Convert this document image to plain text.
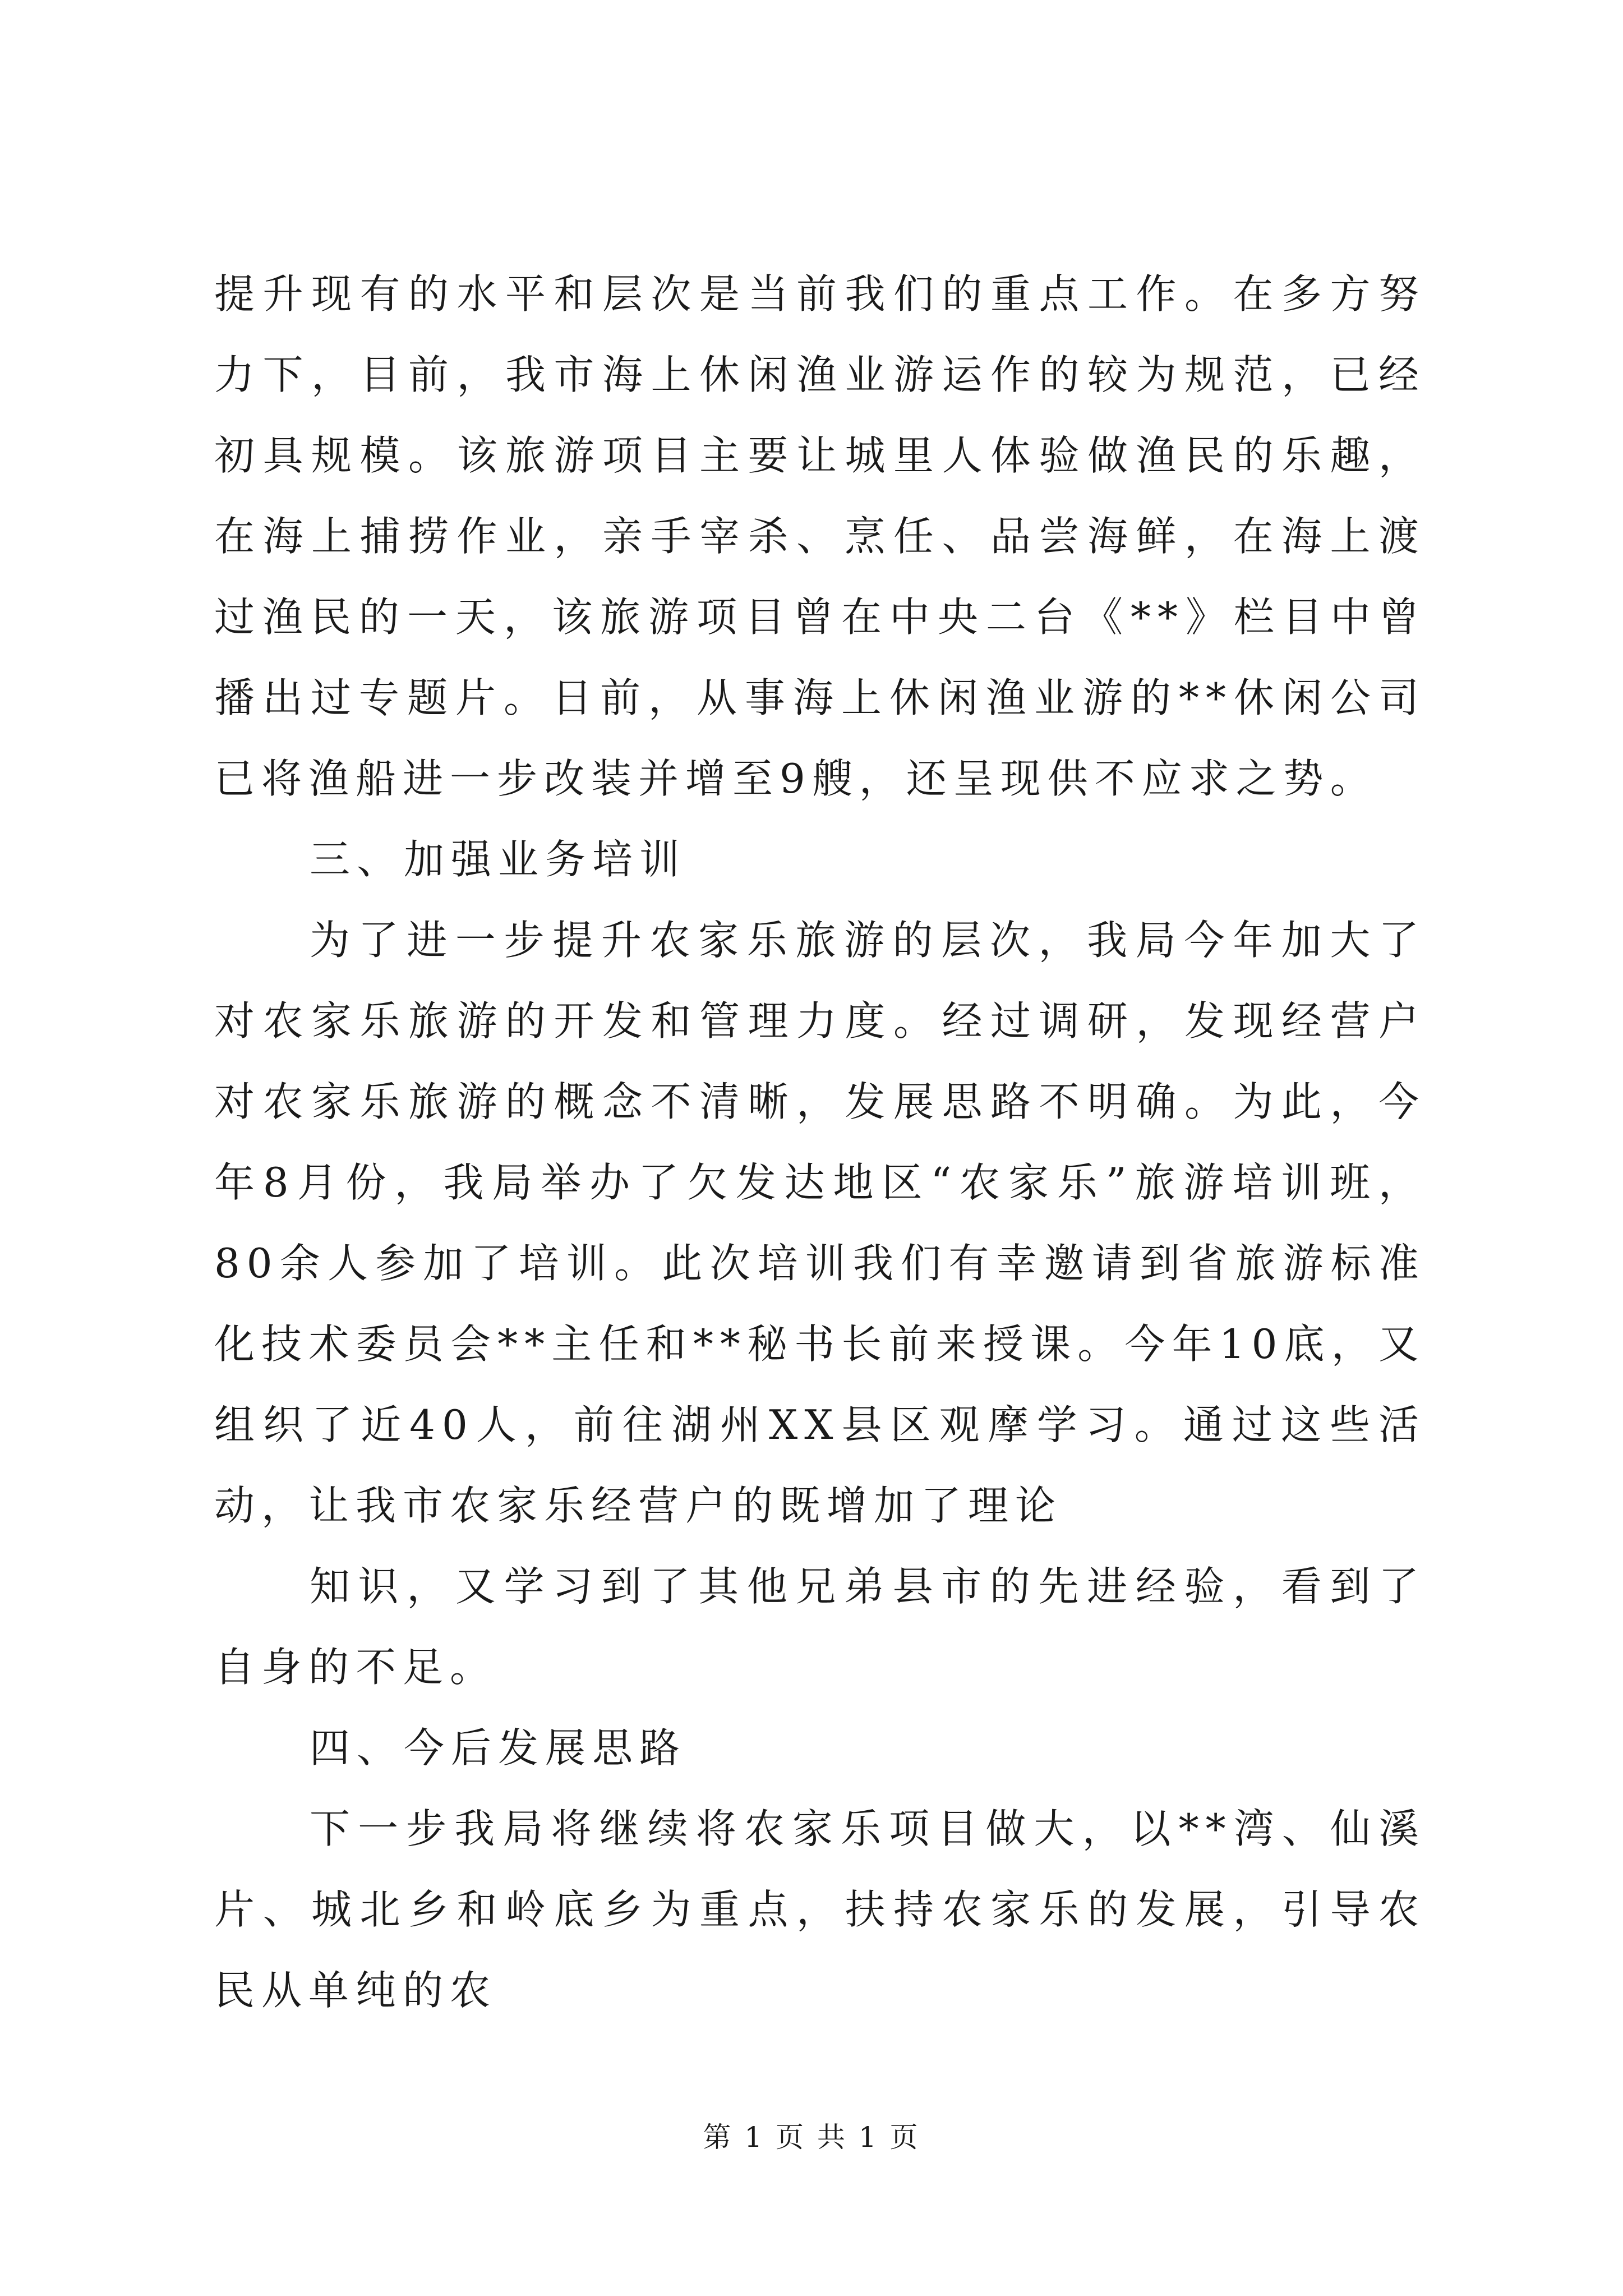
提升现有的水平和层次是当前我们的重点工作。在多方努力下，目前，我市海上休闲渔业游运作的较为规范，已经初具规模。该旅游项目主要让城里人体验做渔民的乐趣，在海上捕捞作业，亲手宰杀、烹任、品尝海鲜，在海上渡过渔民的一天，该旅游项目曾在中央二台《**》栏目中曾播出过专题片。日前，从事海上休闲渔业游的**休闲公司已将渔船进一步改装并增至9艘，还呈现供不应求之势。

三、加强业务培训

为了进一步提升农家乐旅游的层次，我局今年加大了对农家乐旅游的开发和管理力度。经过调研，发现经营户对农家乐旅游的概念不清晰，发展思路不明确。为此，今年8月份，我局举办了欠发达地区“农家乐”旅游培训班，80余人参加了培训。此次培训我们有幸邀请到省旅游标准化技术委员会**主任和**秘书长前来授课。今年10底，又组织了近40人，前往湖州XX县区观摩学习。通过这些活动，让我市农家乐经营户的既增加了理论

知识，又学习到了其他兄弟县市的先进经验，看到了自身的不足。

四、今后发展思路

下一步我局将继续将农家乐项目做大，以**湾、仙溪片、城北乡和岭底乡为重点，扶持农家乐的发展，引导农民从单纯的农

第 1 页 共 1 页
